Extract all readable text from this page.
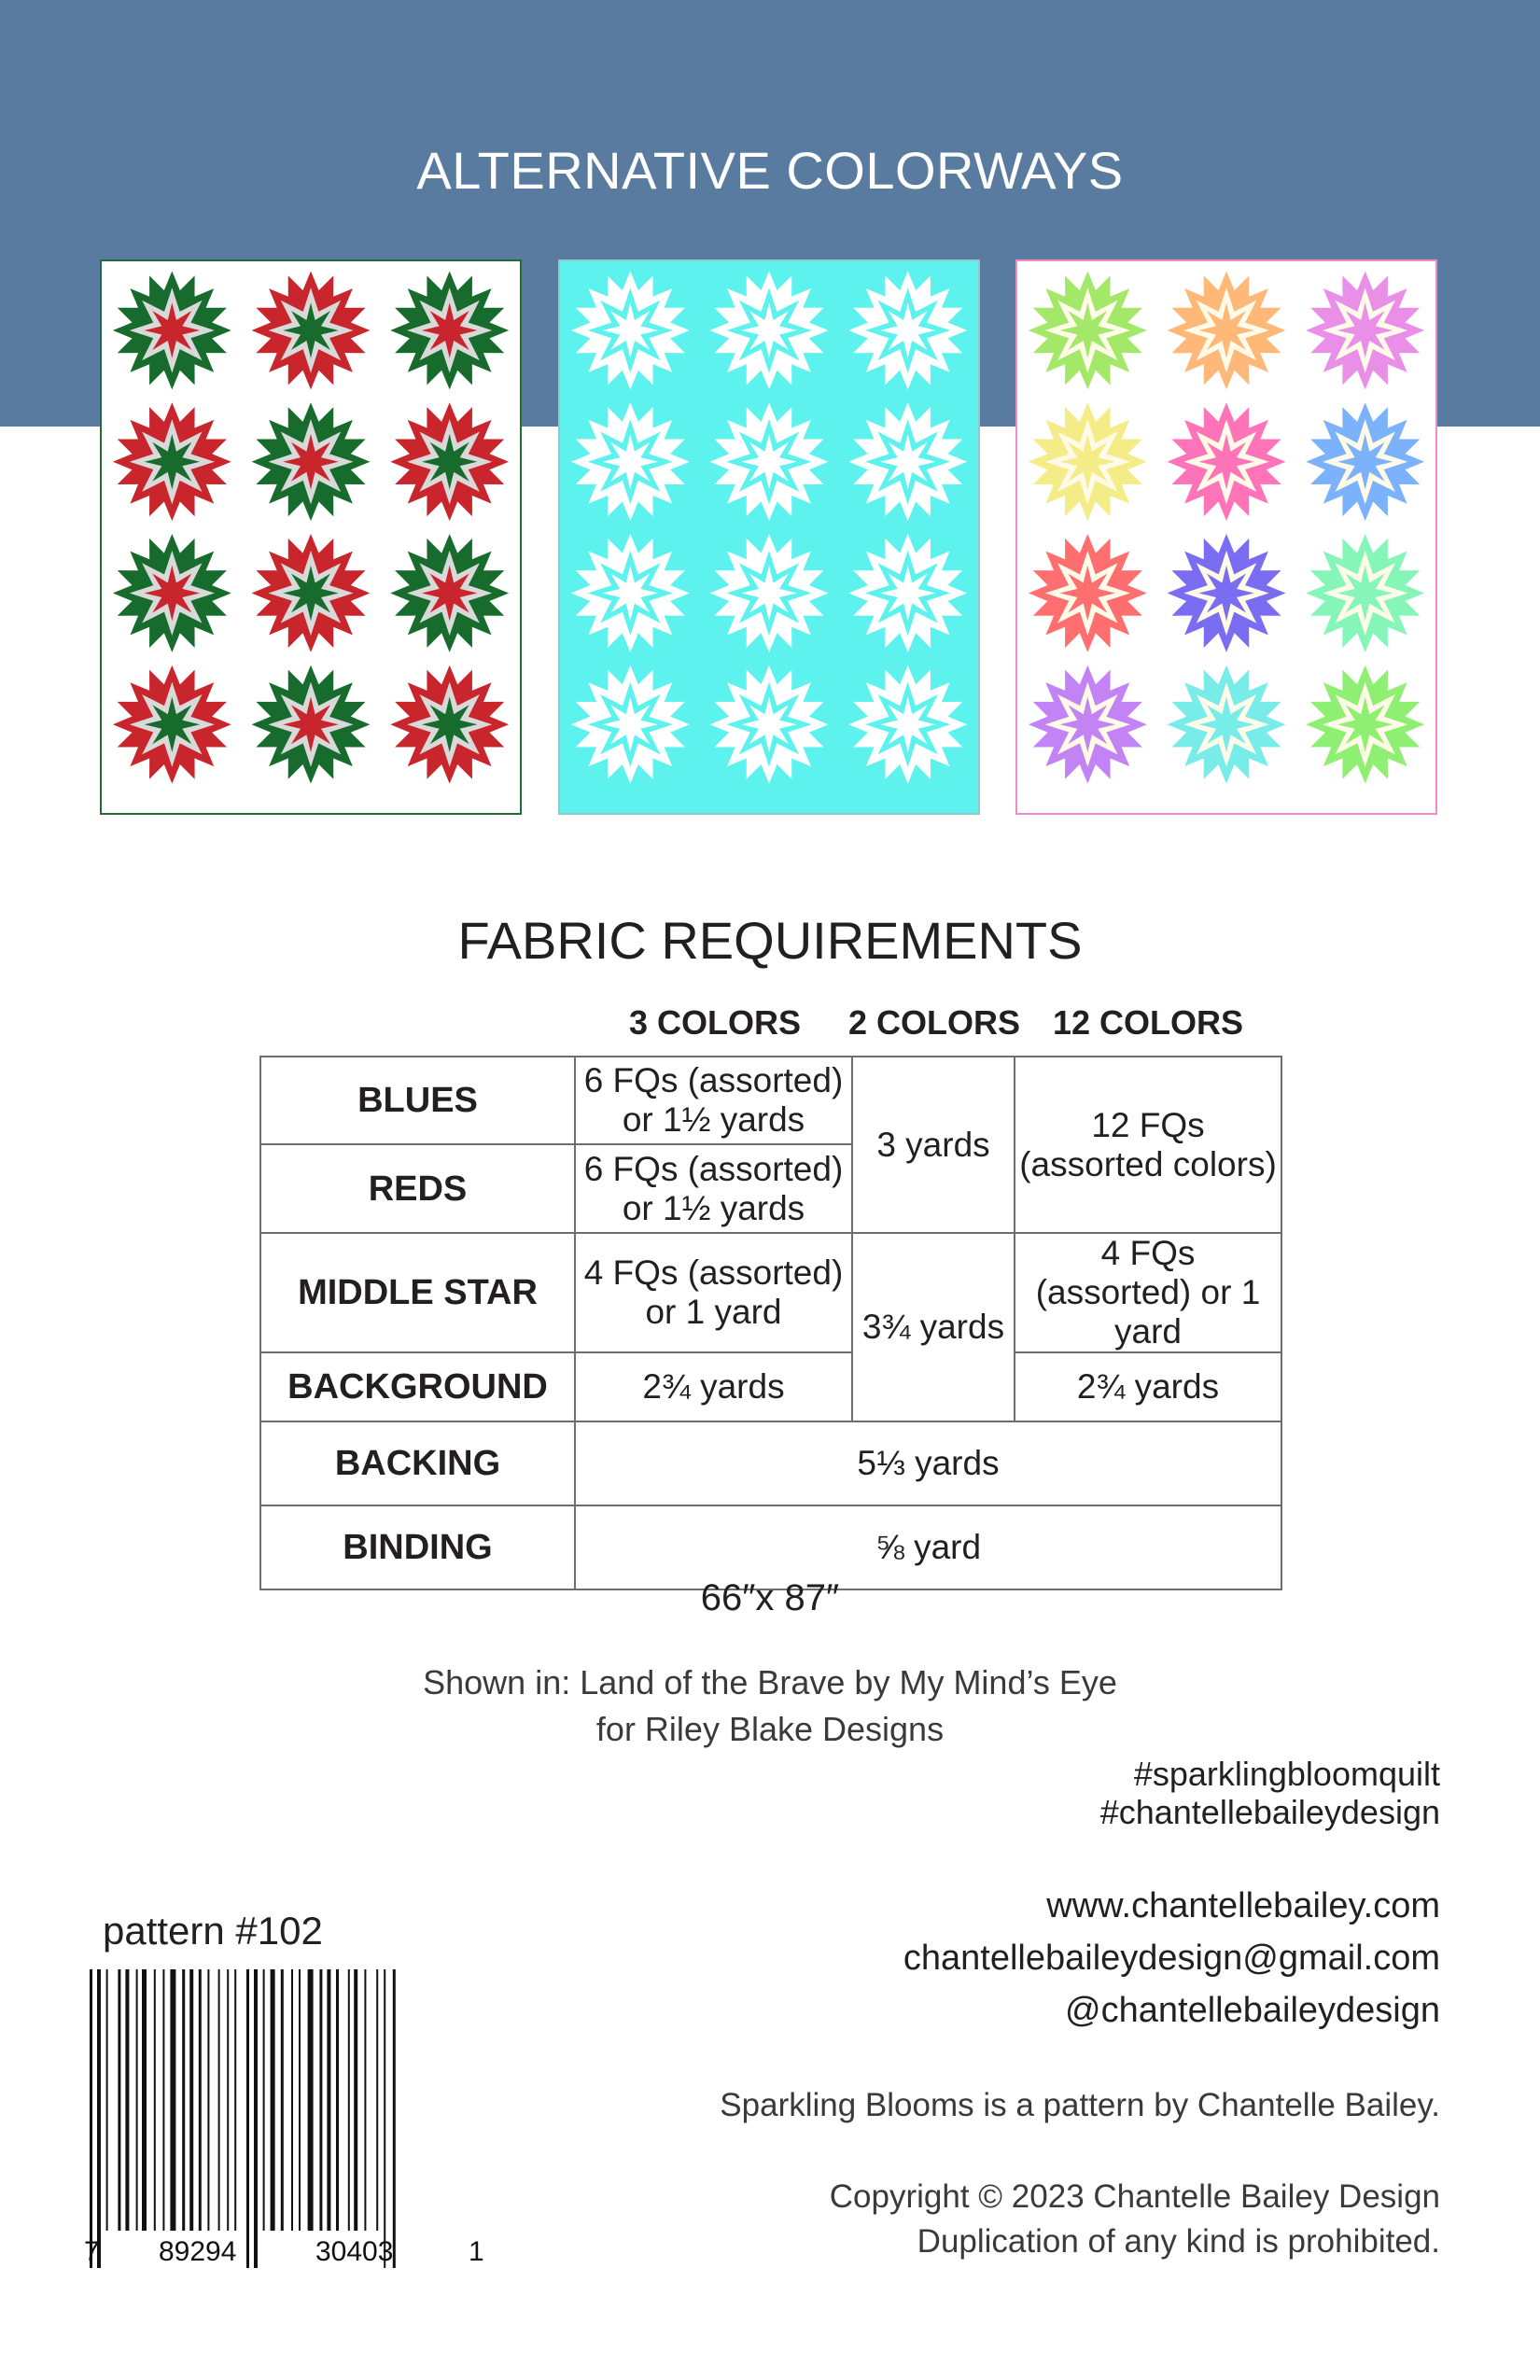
ALTERNATIVE COLORWAYS
FABRIC REQUIREMENTS
3 COLORS	2 COLORS 12 COLORS
BLUES	6 FQs (assorted) or 1½ yards	3 yards	12 FQs (assorted colors)
REDS	6 FQs (assorted) or 1½ yards		
MIDDLE STAR	4 FQs (assorted) or 1 yard	3¾ yards	4 FQs (assorted) or 1 yard
BACKGROUND	2¾ yards		2¾ yards
BACKING	5⅓ yards		
BINDING	⅝ yard		
66″x 87″
Shown in: Land of the Brave by My Mind’s Eye
for Riley Blake Designs
#sparklingbloomquilt
#chantellebaileydesign
www.chantellebailey.com
chantellebaileydesign@gmail.com
@chantellebaileydesign
Sparkling Blooms is a pattern by Chantelle Bailey.
Copyright © 2023 Chantelle Bailey Design
Duplication of any kind is prohibited.
pattern #102
7 89294	30403	1
